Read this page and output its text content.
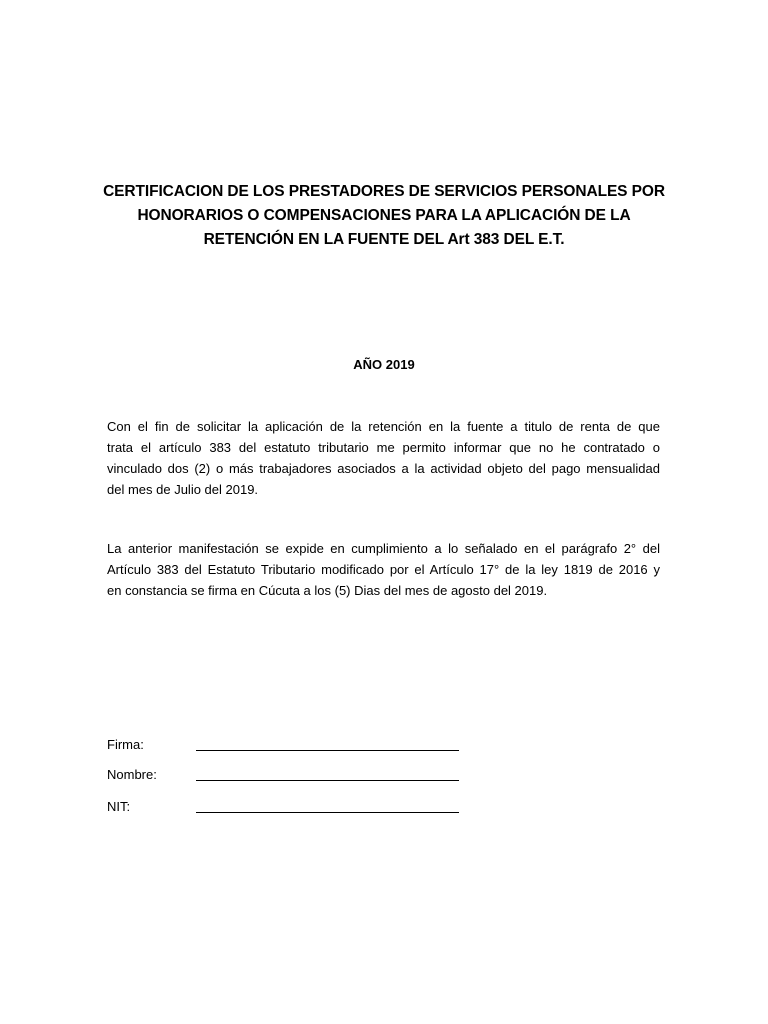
CERTIFICACION DE LOS PRESTADORES DE SERVICIOS PERSONALES POR
HONORARIOS O COMPENSACIONES PARA LA APLICACIÓN DE LA
RETENCIÓN EN LA FUENTE DEL Art 383 DEL E.T.
AÑO 2019
Con el fin de solicitar la aplicación de la retención en la fuente a titulo de renta de que
trata el artículo 383 del estatuto tributario me permito informar que no he contratado o
vinculado dos (2) o más trabajadores asociados a la actividad objeto del pago mensualidad
del mes de Julio del 2019.
La anterior manifestación se expide en cumplimiento a lo señalado en el parágrafo 2° del
Artículo 383 del Estatuto Tributario modificado por el Artículo 17° de la ley 1819 de 2016 y
en constancia se firma en Cúcuta a los (5) Dias del mes de agosto del 2019.
Firma:
Nombre:
NIT:
